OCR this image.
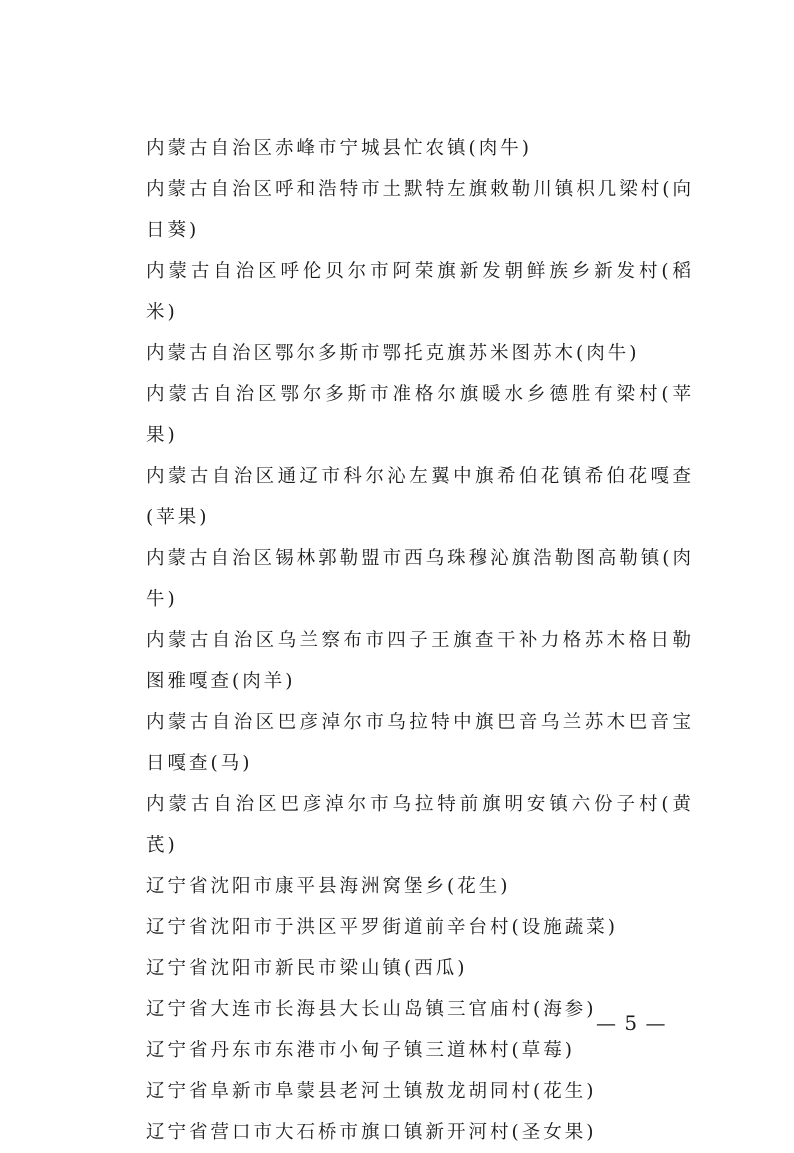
内蒙古自治区赤峰市宁城县忙农镇(肉牛)
内蒙古自治区呼和浩特市土默特左旗敕勒川镇枳几梁村(向日葵)
内蒙古自治区呼伦贝尔市阿荣旗新发朝鲜族乡新发村(稻米)
内蒙古自治区鄂尔多斯市鄂托克旗苏米图苏木(肉牛)
内蒙古自治区鄂尔多斯市准格尔旗暖水乡德胜有梁村(苹果)
内蒙古自治区通辽市科尔沁左翼中旗希伯花镇希伯花嘎查(苹果)
内蒙古自治区锡林郭勒盟市西乌珠穆沁旗浩勒图高勒镇(肉牛)
内蒙古自治区乌兰察布市四子王旗查干补力格苏木格日勒图雅嘎查(肉羊)
内蒙古自治区巴彦淖尔市乌拉特中旗巴音乌兰苏木巴音宝日嘎查(马)
内蒙古自治区巴彦淖尔市乌拉特前旗明安镇六份子村(黄芪)
辽宁省沈阳市康平县海洲窝堡乡(花生)
辽宁省沈阳市于洪区平罗街道前辛台村(设施蔬菜)
辽宁省沈阳市新民市梁山镇(西瓜)
辽宁省大连市长海县大长山岛镇三官庙村(海参)
辽宁省丹东市东港市小甸子镇三道林村(草莓)
辽宁省阜新市阜蒙县老河土镇敖龙胡同村(花生)
辽宁省营口市大石桥市旗口镇新开河村(圣女果)
— 5 —
